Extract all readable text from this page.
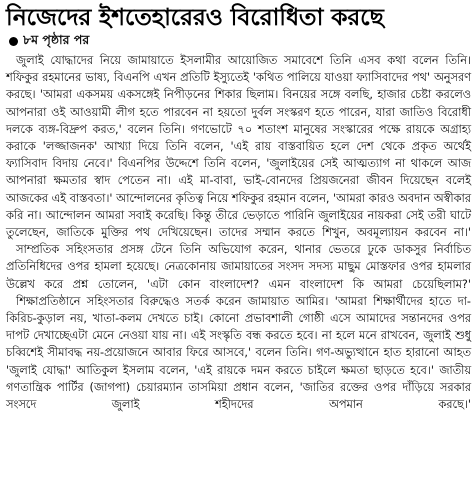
নিজেদের ইশতেহারেরও বিরোধিতা করছে
৮ম পৃষ্ঠার পর

জুলাই যোদ্ধাদের নিয়ে জামায়াতে ইসলামীর আয়োজিত সমাবেশে তিনি এসব কথা বলেন তিনি। শফিকুর রহমানের ভাষ্য, বিএনপি এখন প্রতিটি ইস্যুতেই 'কথিত পালিয়ে যাওয়া ফ্যাসিবাদের পথ' অনুসরণ করছে। 'আমরা একসময় একসঙ্গেই নিপীড়নের শিকার ছিলাম। বিনয়ের সঙ্গে বলছি, হাজার চেষ্টা করলেও আপনারা ওই আওয়ামী লীগ হতে পারবেন না হয়তো দুর্বল সংস্করণ হতে পারেন, যারা জাতিও বিরোধী দলকে ব্যঙ্গ-বিদ্রুপ করত,' বলেন তিনি। গণভোটে ৭০ শতাংশ মানুষের সংস্কারের পক্ষে রায়কে অগ্রাহ্য করাকে 'লজ্জাজনক' আখ্যা দিয়ে তিনি বলেন, 'এই রায় বাস্তবায়িত হলে দেশ থেকে প্রকৃত অর্থেই ফ্যাসিবাদ বিদায় নেবে।' বিএনপির উদ্দেশে তিনি বলেন, 'জুলাইয়ের সেই আত্মত্যাগ না থাকলে আজ আপনারা ক্ষমতার স্বাদ পেতেন না। এই মা-বাবা, ভাই-বোনদের প্রিয়জনেরা জীবন দিয়েছেন বলেই আজকের এই বাস্তবতা।' আন্দোলনের কৃতিত্ব নিয়ে শফিকুর রহমান বলেন, 'আমরা কারও অবদান অস্বীকার করি না। আন্দোলন আমরা সবাই করেছি। কিন্তু তীরে ভেড়াতে পারিনি জুলাইয়ের নায়করা সেই তরী ঘাটে তুলেছেন, জাতিকে মুক্তির পথ দেখিয়েছেন। তাদের সম্মান করতে শিখুন, অবমূল্যায়ন করবেন না।'

সাম্প্রতিক সহিংসতার প্রসঙ্গ টেনে তিনি অভিযোগ করেন, থানার ভেতরে ঢুকে ডাকসুর নির্বাচিত প্রতিনিধিদের ওপর হামলা হয়েছে। নেত্রকোনায় জামায়াতের সংসদ সদস্য মাছুম মোস্তফার ওপর হামলার উল্লেখ করে প্রশ্ন তোলেন, 'এটা কোন বাংলাদেশ? এমন বাংলাদেশ কি আমরা চেয়েছিলাম?'

শিক্ষাপ্রতিষ্ঠানে সহিংসতার বিরুদ্ধেও সতর্ক করেন জামায়াত আমির। 'আমরা শিক্ষার্থীদের হাতে দা-কিরিচ-কুড়াল নয়, খাতা-কলম দেখতে চাই। কোনো প্রভাবশালী গোষ্ঠী এসে আমাদের সন্তানদের ওপর দাপট দেখাচ্ছেএটা মেনে নেওয়া যায় না। এই সংস্কৃতি বন্ধ করতে হবে। না হলে মনে রাখবেন, জুলাই শুধু চব্বিশেই সীমাবদ্ধ নয়-প্রয়োজনে আবার ফিরে আসবে,' বলেন তিনি। গণ-অভ্যুত্থানে হাত হারানো আহত 'জুলাই যোদ্ধা' আতিকুল ইসলাম বলেন, 'এই রায়কে দমন করতে চাইলে ক্ষমতা ছাড়তে হবে।' জাতীয় গণতান্ত্রিক পার্টির (জাগপা) চেয়ারম্যান তাসমিয়া প্রধান বলেন, 'জাতির রক্তের ওপর দাঁড়িয়ে সরকার সংসদে জুলাই শহীদদের অপমান করছে।'
